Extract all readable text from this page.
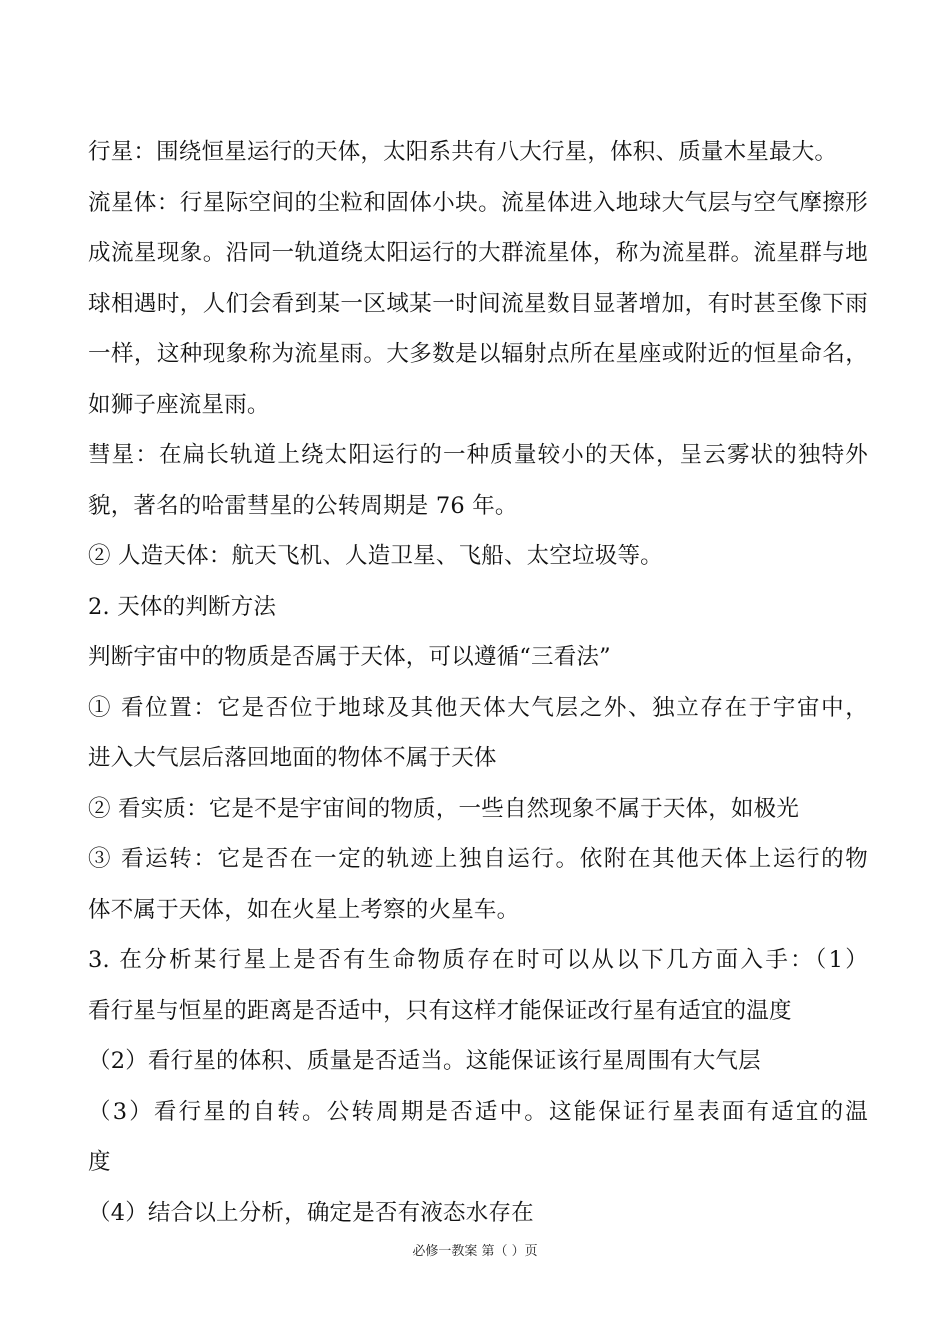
行星：围绕恒星运行的天体，太阳系共有八大行星，体积、质量木星最大。
流星体：行星际空间的尘粒和固体小块。流星体进入地球大气层与空气摩擦形
成流星现象。沿同一轨道绕太阳运行的大群流星体，称为流星群。流星群与地
球相遇时，人们会看到某一区域某一时间流星数目显著增加，有时甚至像下雨
一样，这种现象称为流星雨。大多数是以辐射点所在星座或附近的恒星命名，
如狮子座流星雨。
彗星：在扁长轨道上绕太阳运行的一种质量较小的天体，呈云雾状的独特外
貌，著名的哈雷彗星的公转周期是 76 年。
② 人造天体：航天飞机、人造卫星、飞船、太空垃圾等。
2. 天体的判断方法
判断宇宙中的物质是否属于天体，可以遵循“三看法”
① 看位置：它是否位于地球及其他天体大气层之外、独立存在于宇宙中，
进入大气层后落回地面的物体不属于天体
② 看实质：它是不是宇宙间的物质，一些自然现象不属于天体，如极光
③ 看运转：它是否在一定的轨迹上独自运行。依附在其他天体上运行的物
体不属于天体，如在火星上考察的火星车。
3. 在分析某行星上是否有生命物质存在时可以从以下几方面入手：（1）
看行星与恒星的距离是否适中，只有这样才能保证改行星有适宜的温度
（2）看行星的体积、质量是否适当。这能保证该行星周围有大气层
（3）看行星的自转。公转周期是否适中。这能保证行星表面有适宜的温
度
（4）结合以上分析，确定是否有液态水存在
必修一教案 第（ ）页
